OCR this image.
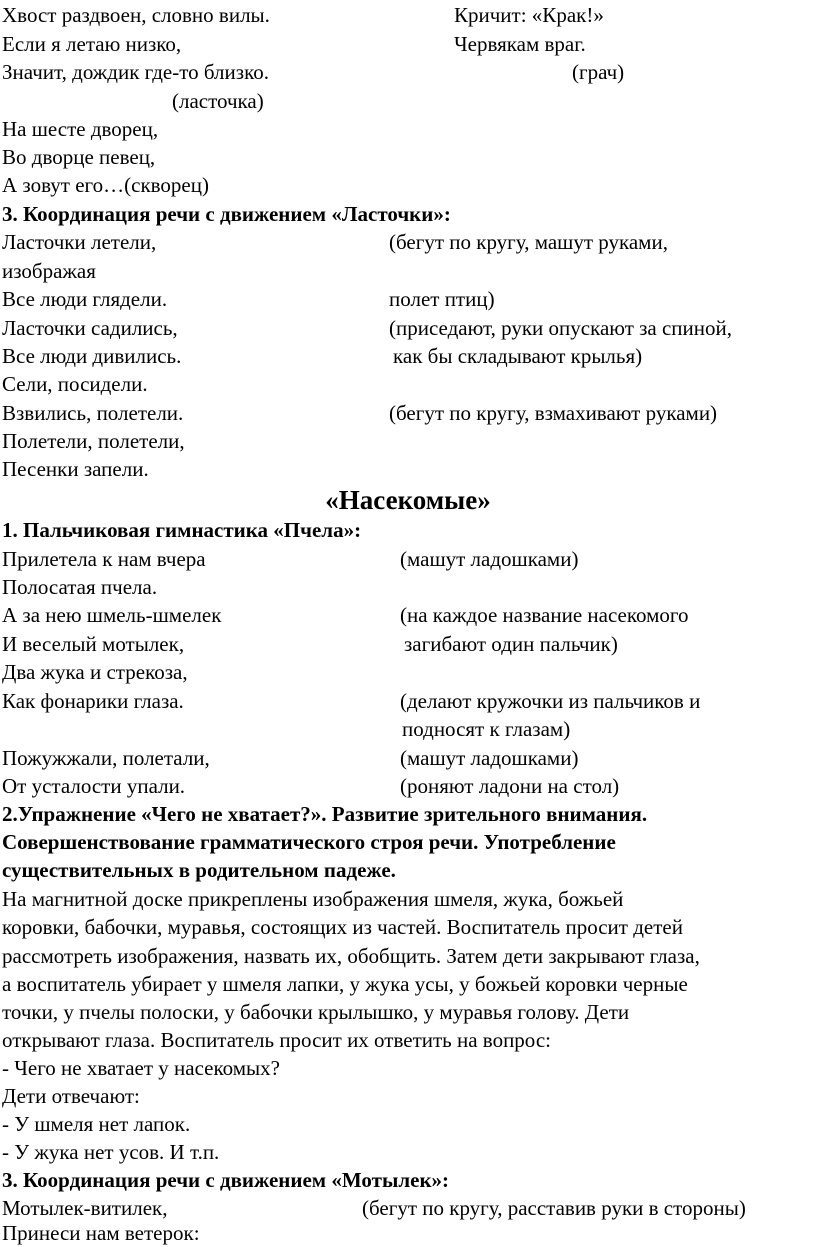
Хвост раздвоен, словно вилы.	Кричит: «Крак!»
Если я летаю низко,	Червякам враг.
Значит, дождик где-то близко.	(грач)
(ласточка)
На шесте дворец,
Во дворце певец,
А зовут его…(скворец)
3. Координация речи с движением «Ласточки»:
Ласточки летели,	(бегут по кругу, машут руками,
изображая
Все люди глядели.	полет птиц)
Ласточки садились,	(приседают, руки опускают за спиной,
Все люди дивились.	как бы складывают крылья)
Сели, посидели.
Взвились, полетели.	(бегут по кругу, взмахивают руками)
Полетели, полетели,
Песенки запели.
«Насекомые»
1. Пальчиковая гимнастика «Пчела»:
Прилетела к нам вчера	(машут ладошками)
Полосатая пчела.
А за нею шмель-шмелек	(на каждое название насекомого
И веселый мотылек,	загибают один пальчик)
Два жука и стрекоза,
Как фонарики глаза.	(делают кружочки из пальчиков и
подносят к глазам)
Пожужжали, полетали,	(машут ладошками)
От усталости упали.	(роняют ладони на стол)
2.Упражнение «Чего не хватает?». Развитие зрительного внимания.
Совершенствование грамматического строя речи. Употребление
существительных в родительном падеже.
На магнитной доске прикреплены изображения шмеля, жука, божьей
коровки, бабочки, муравья, состоящих из частей. Воспитатель просит детей
рассмотреть изображения, назвать их, обобщить. Затем дети закрывают глаза,
а воспитатель убирает у шмеля лапки, у жука усы, у божьей коровки черные
точки, у пчелы полоски, у бабочки крылышко, у муравья голову. Дети
открывают глаза. Воспитатель просит их ответить на вопрос:
- Чего не хватает у насекомых?
Дети отвечают:
- У шмеля нет лапок.
- У жука нет усов. И т.п.
3. Координация речи с движением «Мотылек»:
Мотылек-витилек,	(бегут по кругу, расставив руки в стороны)
Принеси нам ветерок:
